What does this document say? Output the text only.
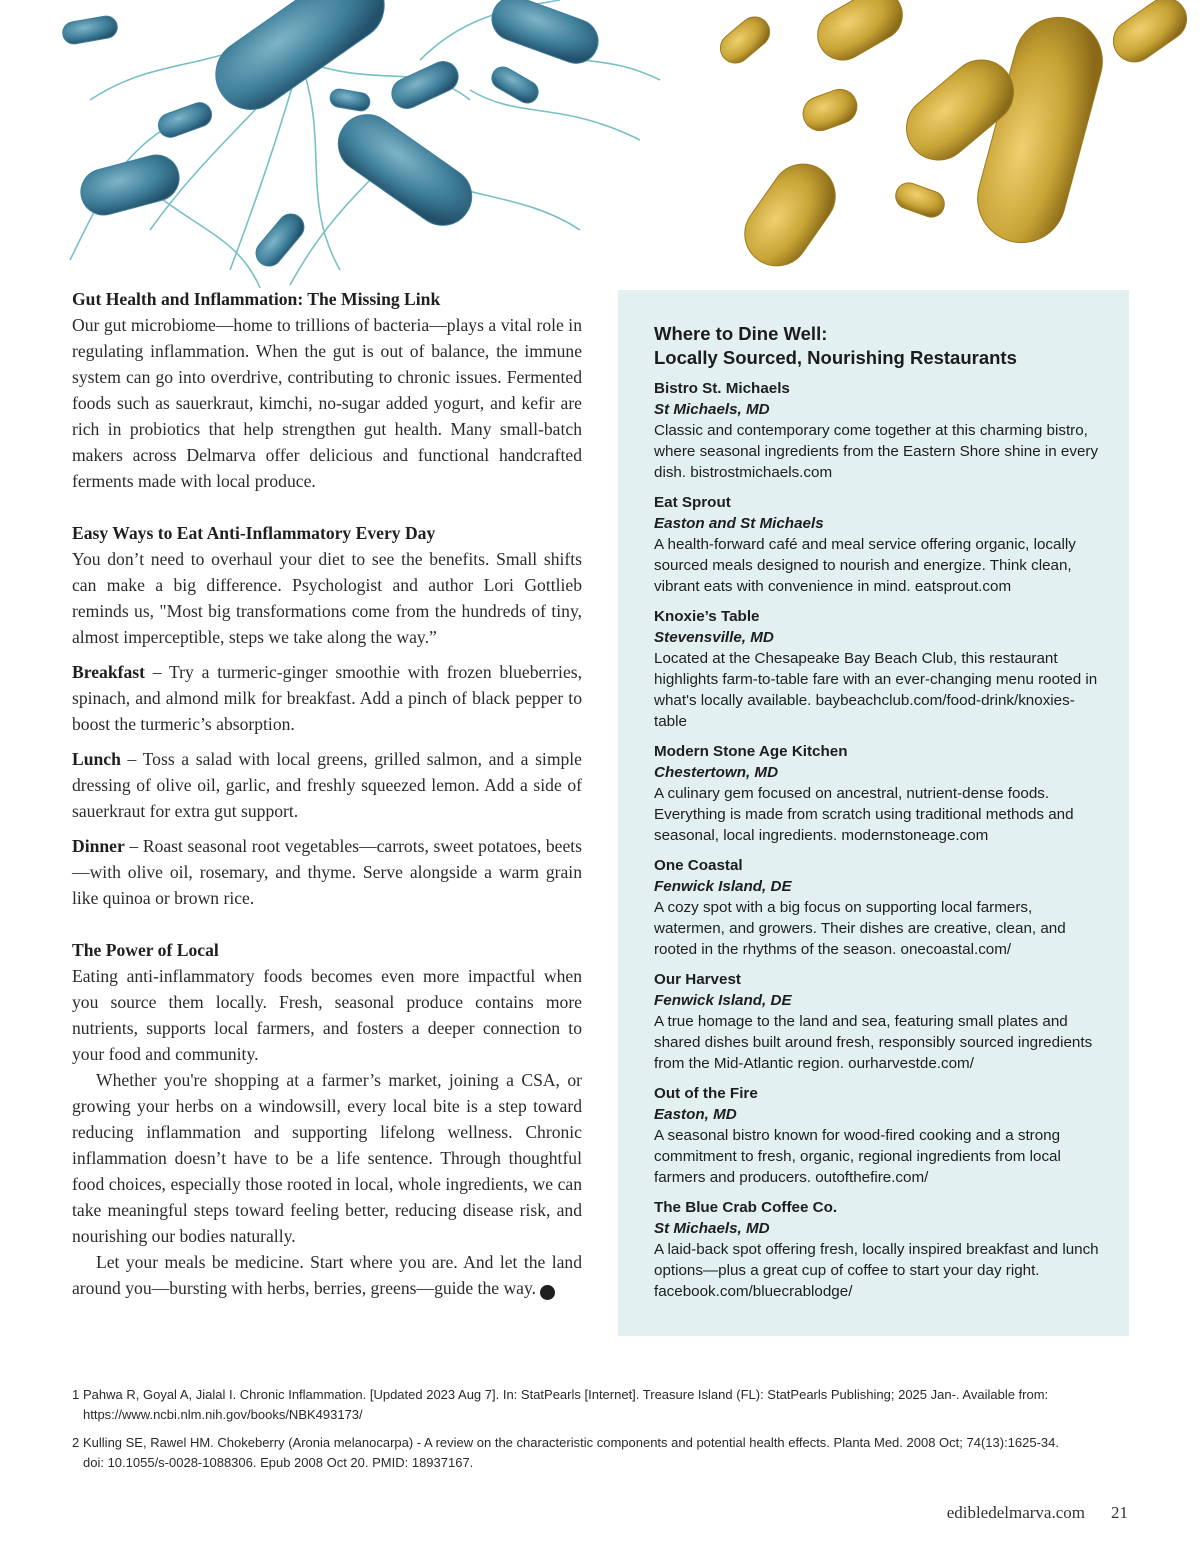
Gut Health and Inflammation: The Missing Link

Our gut microbiome—home to trillions of bacteria—plays a vital role in regulating inflammation. When the gut is out of balance, the immune system can go into overdrive, contributing to chronic issues. Fermented foods such as sauerkraut, kimchi, no-sugar added yogurt, and kefir are rich in probiotics that help strengthen gut health. Many small-batch makers across Delmarva offer delicious and functional handcrafted ferments made with local produce.

Easy Ways to Eat Anti-Inflammatory Every Day

You don’t need to overhaul your diet to see the benefits. Small shifts can make a big difference. Psychologist and author Lori Gottlieb reminds us, "Most big transformations come from the hundreds of tiny, almost imperceptible, steps we take along the way.”

Breakfast – Try a turmeric-ginger smoothie with frozen blueberries, spinach, and almond milk for breakfast. Add a pinch of black pepper to boost the turmeric’s absorption.

Lunch – Toss a salad with local greens, grilled salmon, and a simple dressing of olive oil, garlic, and freshly squeezed lemon. Add a side of sauerkraut for extra gut support.

Dinner – Roast seasonal root vegetables—carrots, sweet potatoes, beets—with olive oil, rosemary, and thyme. Serve alongside a warm grain like quinoa or brown rice.

The Power of Local

Eating anti-inflammatory foods becomes even more impactful when you source them locally. Fresh, seasonal produce contains more nutrients, supports local farmers, and fosters a deeper connection to your food and community.

Whether you're shopping at a farmer’s market, joining a CSA, or growing your herbs on a windowsill, every local bite is a step toward reducing inflammation and supporting lifelong wellness. Chronic inflammation doesn’t have to be a life sentence. Through thoughtful food choices, especially those rooted in local, whole ingredients, we can take meaningful steps toward feeling better, reducing disease risk, and nourishing our bodies naturally.

Let your meals be medicine. Start where you are. And let the land around you—bursting with herbs, berries, greens—guide the way.	e

Where to Dine Well:
Locally Sourced, Nourishing Restaurants
Bistro St. Michaels
St Michaels, MD
Classic and contemporary come together at this charming bistro, where seasonal ingredients from the Eastern Shore shine in every dish. bistrostmichaels.com
Eat Sprout
Easton and St Michaels
A health-forward café and meal service offering organic, locally sourced meals designed to nourish and energize. Think clean, vibrant eats with convenience in mind. eatsprout.com
Knoxie’s Table
Stevensville, MD
Located at the Chesapeake Bay Beach Club, this restaurant highlights farm-to-table fare with an ever-changing menu rooted in what's locally available. baybeachclub.com/food-drink/knoxies-table
Modern Stone Age Kitchen
Chestertown, MD
A culinary gem focused on ancestral, nutrient-dense foods. Everything is made from scratch using traditional methods and seasonal, local ingredients. modernstoneage.com
One Coastal
Fenwick Island, DE
A cozy spot with a big focus on supporting local farmers, watermen, and growers. Their dishes are creative, clean, and rooted in the rhythms of the season. onecoastal.com/
Our Harvest
Fenwick Island, DE
A true homage to the land and sea, featuring small plates and shared dishes built around fresh, responsibly sourced ingredients from the Mid-Atlantic region. ourharvestde.com/
Out of the Fire
Easton, MD
A seasonal bistro known for wood-fired cooking and a strong commitment to fresh, organic, regional ingredients from local farmers and producers. outofthefire.com/
The Blue Crab Coffee Co.
St Michaels, MD
A laid-back spot offering fresh, locally inspired breakfast and lunch options—plus a great cup of coffee to start your day right. facebook.com/bluecrablodge/
1 Pahwa R, Goyal A, Jialal I. Chronic Inflammation. [Updated 2023 Aug 7]. In: StatPearls [Internet]. Treasure Island (FL): StatPearls Publishing; 2025 Jan-. Available from: https://www.ncbi.nlm.nih.gov/books/NBK493173/
2 Kulling SE, Rawel HM. Chokeberry (Aronia melanocarpa) - A review on the characteristic components and potential health effects. Planta Med. 2008 Oct; 74(13):1625-34. doi: 10.1055/s-0028-1088306. Epub 2008 Oct 20. PMID: 18937167.
edibledelmarva.com 21
